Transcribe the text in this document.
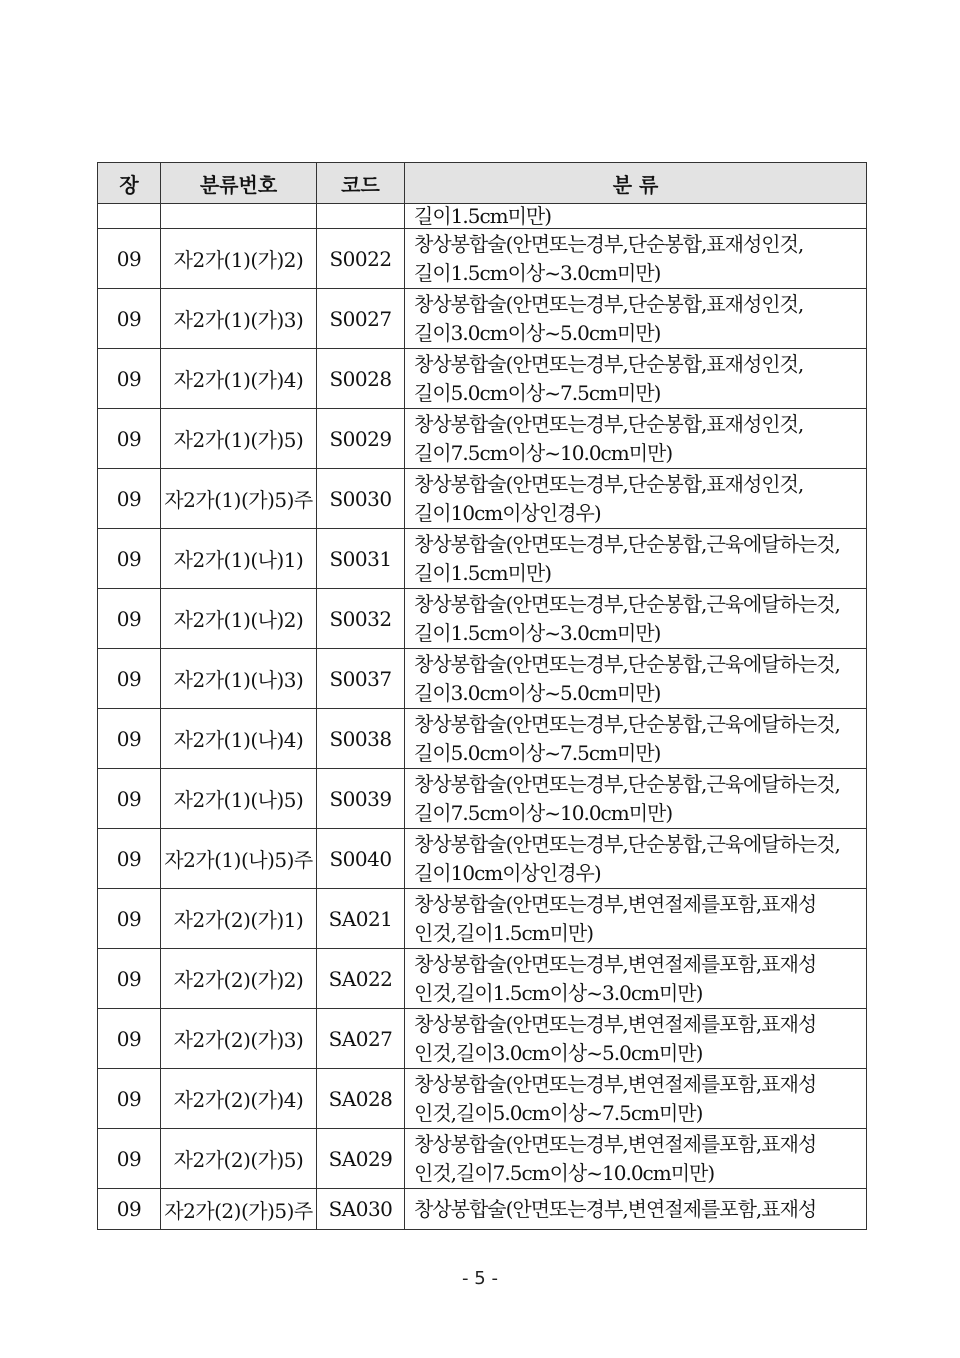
장	분류번호	코드	분 류

			길이1.5cm미만)

09	자2가(1)(가)2)	S0022	창상봉합술(안면또는경부,단순봉합,표재성인것,
길이1.5cm이상~3.0cm미만)

09	자2가(1)(가)3)	S0027	창상봉합술(안면또는경부,단순봉합,표재성인것,
길이3.0cm이상~5.0cm미만)

09	자2가(1)(가)4)	S0028	창상봉합술(안면또는경부,단순봉합,표재성인것,
길이5.0cm이상~7.5cm미만)

09	자2가(1)(가)5)	S0029	창상봉합술(안면또는경부,단순봉합,표재성인것,
길이7.5cm이상~10.0cm미만)

09	자2가(1)(가)5)주	S0030	창상봉합술(안면또는경부,단순봉합,표재성인것,
길이10cm이상인경우)

09	자2가(1)(나)1)	S0031	창상봉합술(안면또는경부,단순봉합,근육에달하는것,
길이1.5cm미만)

09	자2가(1)(나)2)	S0032	창상봉합술(안면또는경부,단순봉합,근육에달하는것,
길이1.5cm이상~3.0cm미만)

09	자2가(1)(나)3)	S0037	창상봉합술(안면또는경부,단순봉합,근육에달하는것,
길이3.0cm이상~5.0cm미만)

09	자2가(1)(나)4)	S0038	창상봉합술(안면또는경부,단순봉합,근육에달하는것,
길이5.0cm이상~7.5cm미만)

09	자2가(1)(나)5)	S0039	창상봉합술(안면또는경부,단순봉합,근육에달하는것,
길이7.5cm이상~10.0cm미만)

09	자2가(1)(나)5)주	S0040	창상봉합술(안면또는경부,단순봉합,근육에달하는것,
길이10cm이상인경우)

09	자2가(2)(가)1)	SA021	창상봉합술(안면또는경부,변연절제를포함,표재성
인것,길이1.5cm미만)

09	자2가(2)(가)2)	SA022	창상봉합술(안면또는경부,변연절제를포함,표재성
인것,길이1.5cm이상~3.0cm미만)

09	자2가(2)(가)3)	SA027	창상봉합술(안면또는경부,변연절제를포함,표재성
인것,길이3.0cm이상~5.0cm미만)

09	자2가(2)(가)4)	SA028	창상봉합술(안면또는경부,변연절제를포함,표재성
인것,길이5.0cm이상~7.5cm미만)

09	자2가(2)(가)5)	SA029	창상봉합술(안면또는경부,변연절제를포함,표재성
인것,길이7.5cm이상~10.0cm미만)

09	자2가(2)(가)5)주	SA030	창상봉합술(안면또는경부,변연절제를포함,표재성
- 5 -
